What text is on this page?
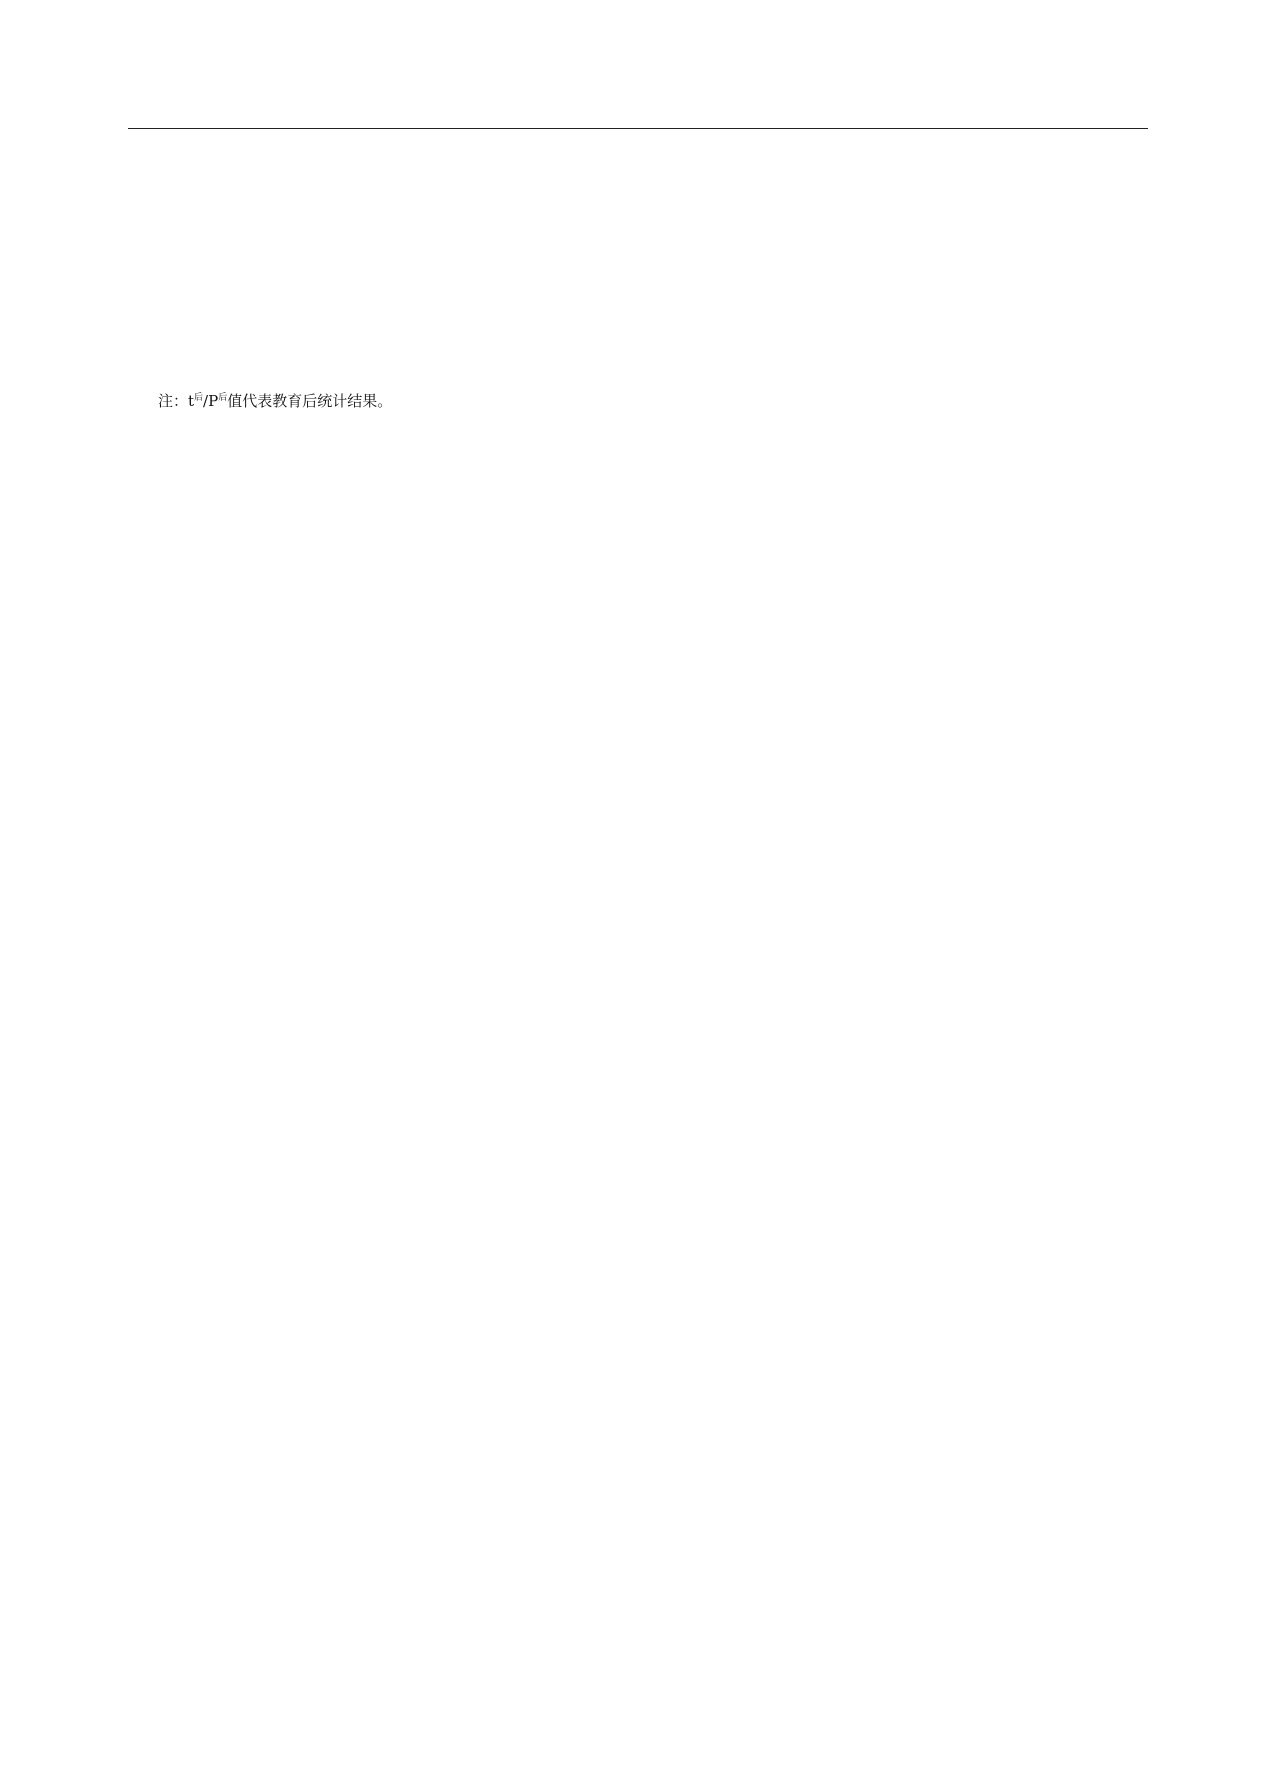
注：$t^后/P^后$值代表教育后统计结果。
